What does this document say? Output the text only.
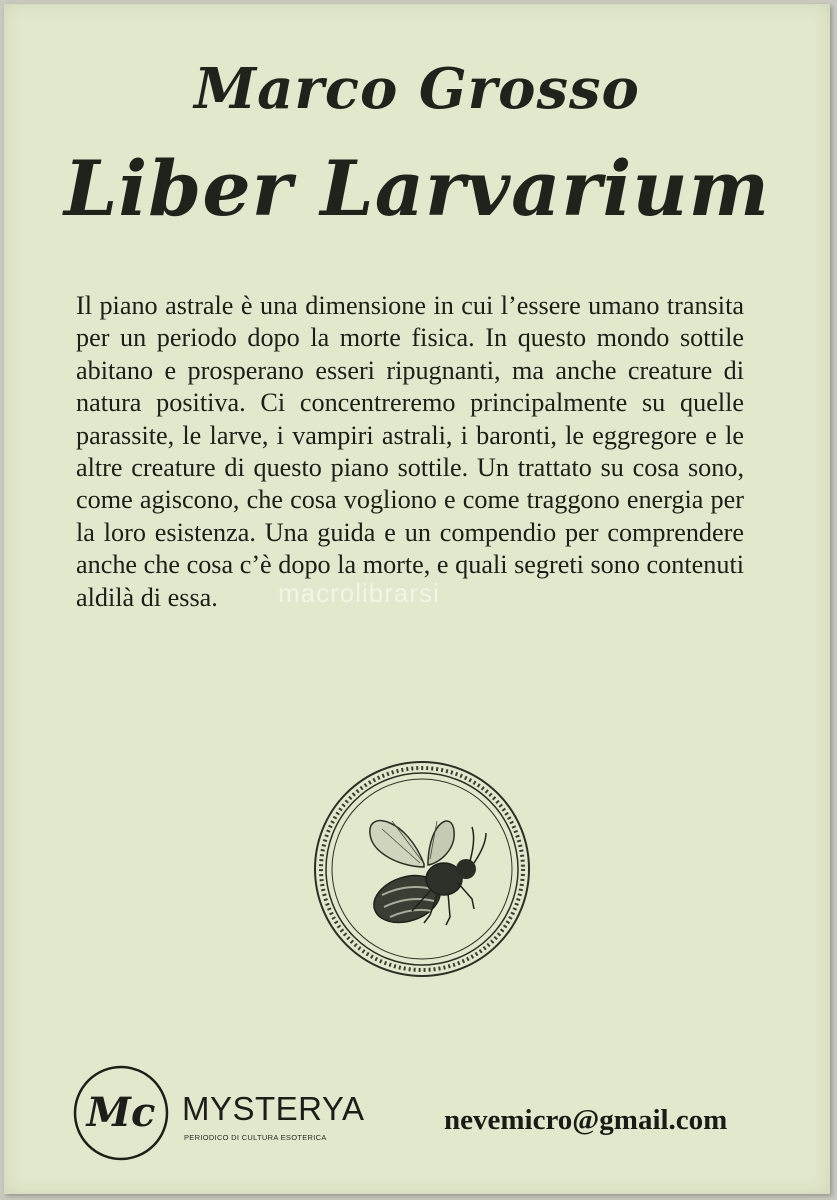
Marco Grosso
Liber Larvarium

Il piano astrale è una dimensione in cui l’essere umano transita per un periodo dopo la morte fisica. In questo mondo sottile abitano e prosperano esseri ripugnanti, ma anche creature di natura positiva. Ci concentreremo principalmente su quelle parassite, le larve, i vampiri astrali, i baronti, le eggregore e le altre creature di questo piano sottile. Un trattato su cosa sono, come agiscono, che cosa vogliono e come traggono energia per la loro esistenza. Una guida e un compendio per comprendere anche che cosa c’è dopo la morte, e quali segreti sono contenuti aldilà di essa.	macrolibrarsi
Mc MYSTERYA
PERIODICO DI CULTURA ESOTERICA
nevemicro@gmail.com
